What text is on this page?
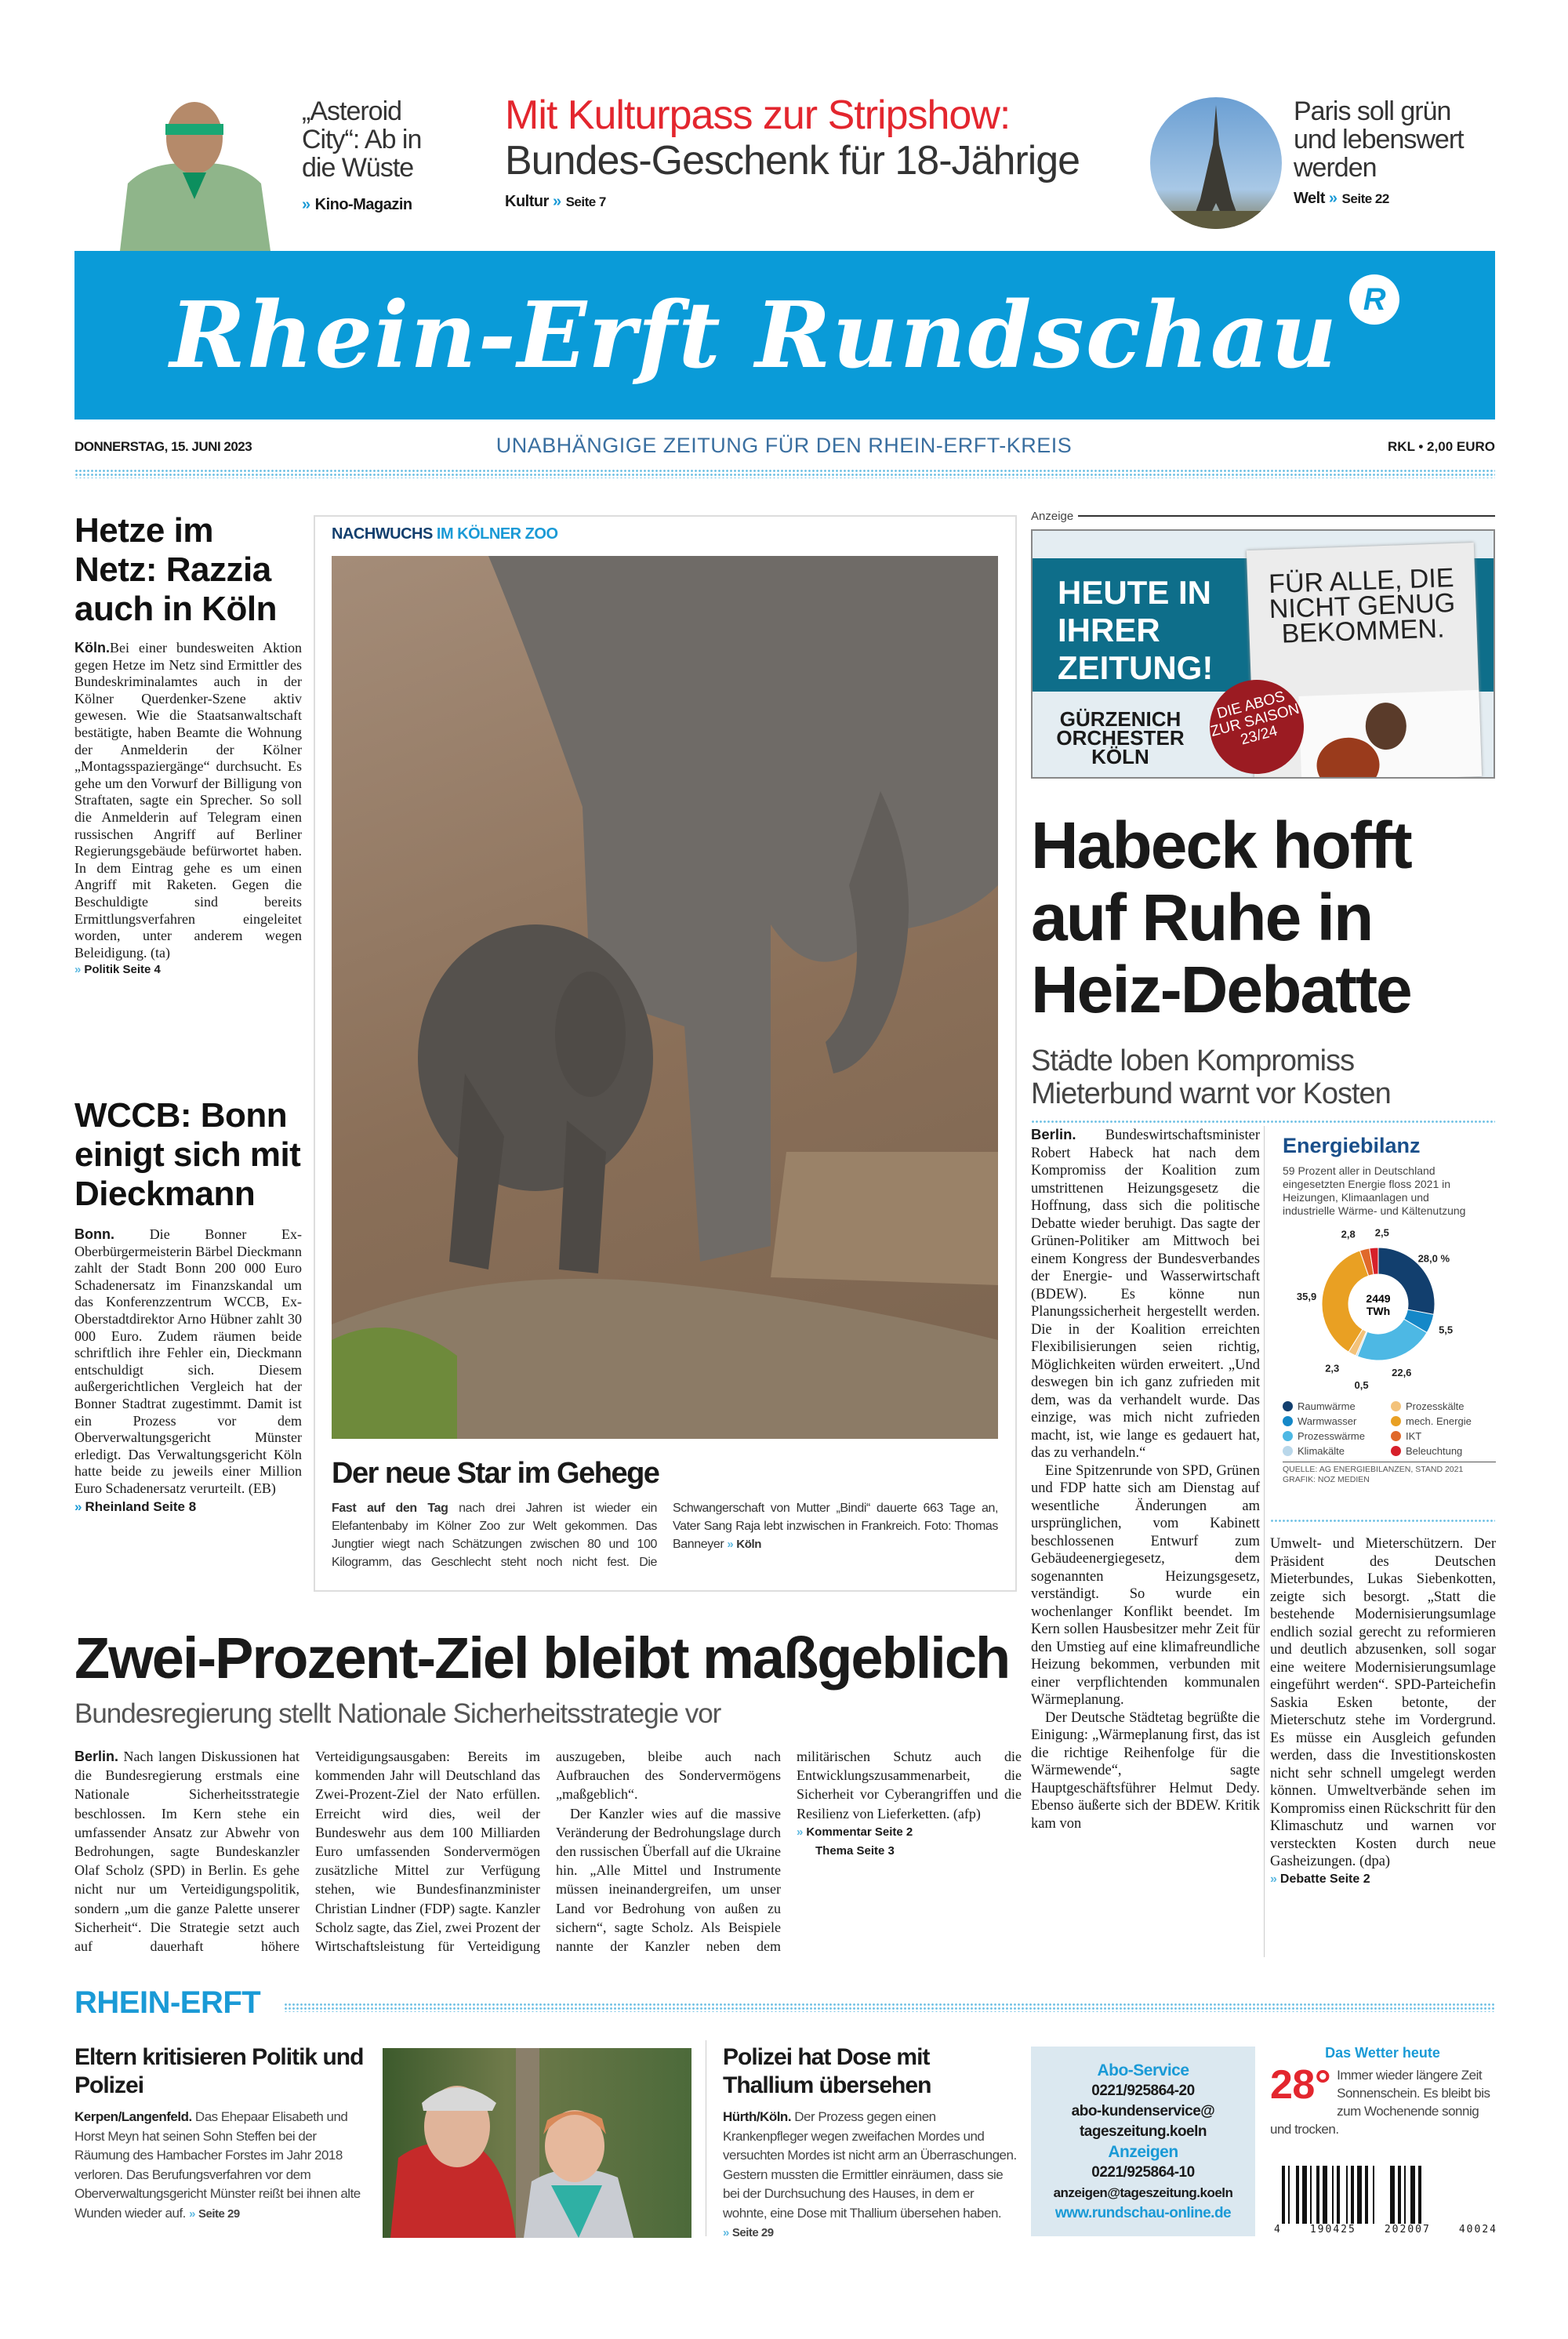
„Asteroid City“: Ab in die Wüste
» Kino-Magazin
Mit Kulturpass zur Stripshow:
Bundes-Geschenk für 18-Jährige
Kultur » Seite 7
Paris soll grün und lebenswert werden
Welt » Seite 22
Rhein-Erft Rundschau R
DONNERSTAG, 15. JUNI 2023	UNABHÄNGIGE ZEITUNG FÜR DEN RHEIN-ERFT-KREIS	RKL • 2,00 EURO
Hetze im Netz: Razzia auch in Köln

Köln.Bei einer bundesweiten Aktion gegen Hetze im Netz sind Ermittler des Bundeskriminalamtes auch in der Kölner Querdenker-Szene aktiv gewesen. Wie die Staatsanwaltschaft bestätigte, haben Beamte die Wohnung der Anmelderin der Kölner „Montagsspaziergänge“ durchsucht. Es gehe um den Vorwurf der Billigung von Straftaten, sagte ein Sprecher. So soll die Anmelderin auf Telegram einen russischen Angriff auf Berliner Regierungsgebäude befürwortet haben. In dem Eintrag gehe es um einen Angriff mit Raketen. Gegen die Beschuldigte sind bereits Ermittlungsverfahren eingeleitet worden, unter anderem wegen Beleidigung. (ta)

» Politik Seite 4
WCCB: Bonn einigt sich mit Dieckmann

Bonn. Die Bonner Ex-Oberbürgermeisterin Bärbel Dieckmann zahlt der Stadt Bonn 200 000 Euro Schadenersatz im Finanzskandal um das Konferenzzentrum WCCB, Ex-Oberstadtdirektor Arno Hübner zahlt 30 000 Euro. Zudem räumen beide schriftlich ihre Fehler ein, Dieckmann entschuldigt sich. Diesem außergerichtlichen Vergleich hat der Bonner Stadtrat zugestimmt. Damit ist ein Prozess vor dem Oberverwaltungsgericht Münster erledigt. Das Verwaltungsgericht Köln hatte beide zu jeweils einer Million Euro Schadenersatz verurteilt. (EB)

» Rheinland Seite 8
NACHWUCHS IM KÖLNER ZOO
Der neue Star im Gehege
Fast auf den Tag nach drei Jahren ist wieder ein Elefantenbaby im Kölner Zoo zur Welt gekommen. Das Jungtier wiegt nach Schätzungen zwischen 80 und 100 Kilogramm, das Geschlecht steht noch nicht fest. Die Schwangerschaft von Mutter „Bindi“ dauerte 663 Tage an, Vater Sang Raja lebt inzwischen in Frankreich. Foto: Thomas Banneyer » Köln
Anzeige
HEUTE IN IHRER ZEITUNG!
FÜR ALLE, DIE NICHT GENUG BEKOMMEN.
DIE ABOS ZUR SAISON 23/24
GÜRZENICH ORCHESTER KÖLN
Habeck hofft auf Ruhe in Heiz-Debatte
Städte loben Kompromiss Mieterbund warnt vor Kosten

Berlin. Bundeswirtschaftsminister Robert Habeck hat nach dem Kompromiss der Koalition zum umstrittenen Heizungsgesetz die Hoffnung, dass sich die politische Debatte wieder beruhigt. Das sagte der Grünen-Politiker am Mittwoch bei einem Kongress der Bundesverbandes der Energie- und Wasserwirtschaft (BDEW). Es könne nun Planungssicherheit hergestellt werden. Die in der Koalition erreichten Flexibilisierungen seien richtig, Möglichkeiten würden erweitert. „Und deswegen bin ich ganz zufrieden mit dem, was da verhandelt wurde. Das einzige, was mich nicht zufrieden macht, ist, wie lange es gedauert hat, das zu verhandeln.“

Eine Spitzenrunde von SPD, Grünen und FDP hatte sich am Dienstag auf wesentliche Änderungen am ursprünglichen, vom Kabinett beschlossenen Entwurf zum Gebäudeenergiegesetz, dem sogenannten Heizungsgesetz, verständigt. So wurde ein wochenlanger Konflikt beendet. Im Kern sollen Hausbesitzer mehr Zeit für den Umstieg auf eine klimafreundliche Heizung bekommen, verbunden mit einer verpflichtenden kommunalen Wärmeplanung.

Der Deutsche Städtetag begrüßte die Einigung: „Wärmeplanung first, das ist die richtige Reihenfolge für die Wärmewende“, sagte Hauptgeschäftsführer Helmut Dedy. Ebenso äußerte sich der BDEW. Kritik kam von

Energiebilanz
59 Prozent aller in Deutschland eingesetzten Energie floss 2021 in Heizungen, Klimaanlagen und industrielle Wärme- und Kältenutzung
28,0 %
5,5
22,6
0,5
2,3
35,9
2,8 2,5
2449
TWh
Raumwärme	Prozesskälte
Warmwasser	mech. Energie
Prozesswärme	IKT
Klimakälte	Beleuchtung
QUELLE: AG ENERGIEBILANZEN, STAND 2021
GRAFIK: NOZ MEDIEN

Umwelt- und Mieterschützern. Der Präsident des Deutschen Mieterbundes, Lukas Siebenkotten, zeigte sich besorgt. „Statt die bestehende Modernisierungsumlage endlich sozial gerecht zu reformieren und deutlich abzusenken, soll sogar eine weitere Modernisierungsumlage eingeführt werden“. SPD-Parteichefin Saskia Esken betonte, der Mieterschutz stehe im Vordergrund. Es müsse ein Ausgleich gefunden werden, dass die Investitionskosten nicht sehr schnell umgelegt werden können. Umweltverbände sehen im Kompromiss einen Rückschritt für den Klimaschutz und warnen vor versteckten Kosten durch neue Gasheizungen. (dpa)

» Debatte Seite 2
Zwei-Prozent-Ziel bleibt maßgeblich
Bundesregierung stellt Nationale Sicherheitsstrategie vor

Berlin. Nach langen Diskussionen hat die Bundesregierung erstmals eine Nationale Sicherheitsstrategie beschlossen. Im Kern stehe ein umfassender Ansatz zur Abwehr von Bedrohungen, sagte Bundeskanzler Olaf Scholz (SPD) in Berlin. Es gehe nicht nur um Verteidigungspolitik, sondern „um die ganze Palette unserer Sicherheit“. Die Strategie setzt auch auf dauerhaft höhere Verteidigungsausgaben: Bereits im kommenden Jahr will Deutschland das Zwei-Prozent-Ziel der Nato erfüllen. Erreicht wird dies, weil der Bundeswehr aus dem 100 Milliarden Euro umfassenden Sondervermögen zusätzliche Mittel zur Verfügung stehen, wie Bundesfinanzminister Christian Lindner (FDP) sagte. Kanzler Scholz sagte, das Ziel, zwei Prozent der Wirtschaftsleistung für Verteidigung auszugeben, bleibe auch nach Aufbrauchen des Sondervermögens „maßgeblich“.

Der Kanzler wies auf die massive Veränderung der Bedrohungslage durch den russischen Überfall auf die Ukraine hin. „Alle Mittel und Instrumente müssen ineinandergreifen, um unser Land vor Bedrohung von außen zu sichern“, sagte Scholz. Als Beispiele nannte der Kanzler neben dem militärischen Schutz auch die Entwicklungszusammenarbeit, die Sicherheit vor Cyberangriffen und die Resilienz von Lieferketten. (afp)

» Kommentar Seite 2
Thema Seite 3
RHEIN-ERFT
Eltern kritisieren Politik und Polizei

Kerpen/Langenfeld. Das Ehepaar Elisabeth und Horst Meyn hat seinen Sohn Steffen bei der Räumung des Hambacher Forstes im Jahr 2018 verloren. Das Berufungsverfahren vor dem Oberverwaltungsgericht Münster reißt bei ihnen alte Wunden wieder auf. » Seite 29

Polizei hat Dose mit Thallium übersehen

Hürth/Köln. Der Prozess gegen einen Krankenpfleger wegen zweifachen Mordes und versuchten Mordes ist nicht arm an Überraschungen. Gestern mussten die Ermittler einräumen, dass sie bei der Durchsuchung des Hauses, in dem er wohnte, eine Dose mit Thallium übersehen haben. » Seite 29

Abo-Service
0221/925864-20
abo-kundenservice@
tageszeitung.koeln
Anzeigen
0221/925864-10
anzeigen@tageszeitung.koeln
www.rundschau-online.de
Das Wetter heute
28° Immer wieder längere Zeit Sonnenschein. Es bleibt bis zum Wochenende sonnig und trocken.
4	190425	202007	40024
